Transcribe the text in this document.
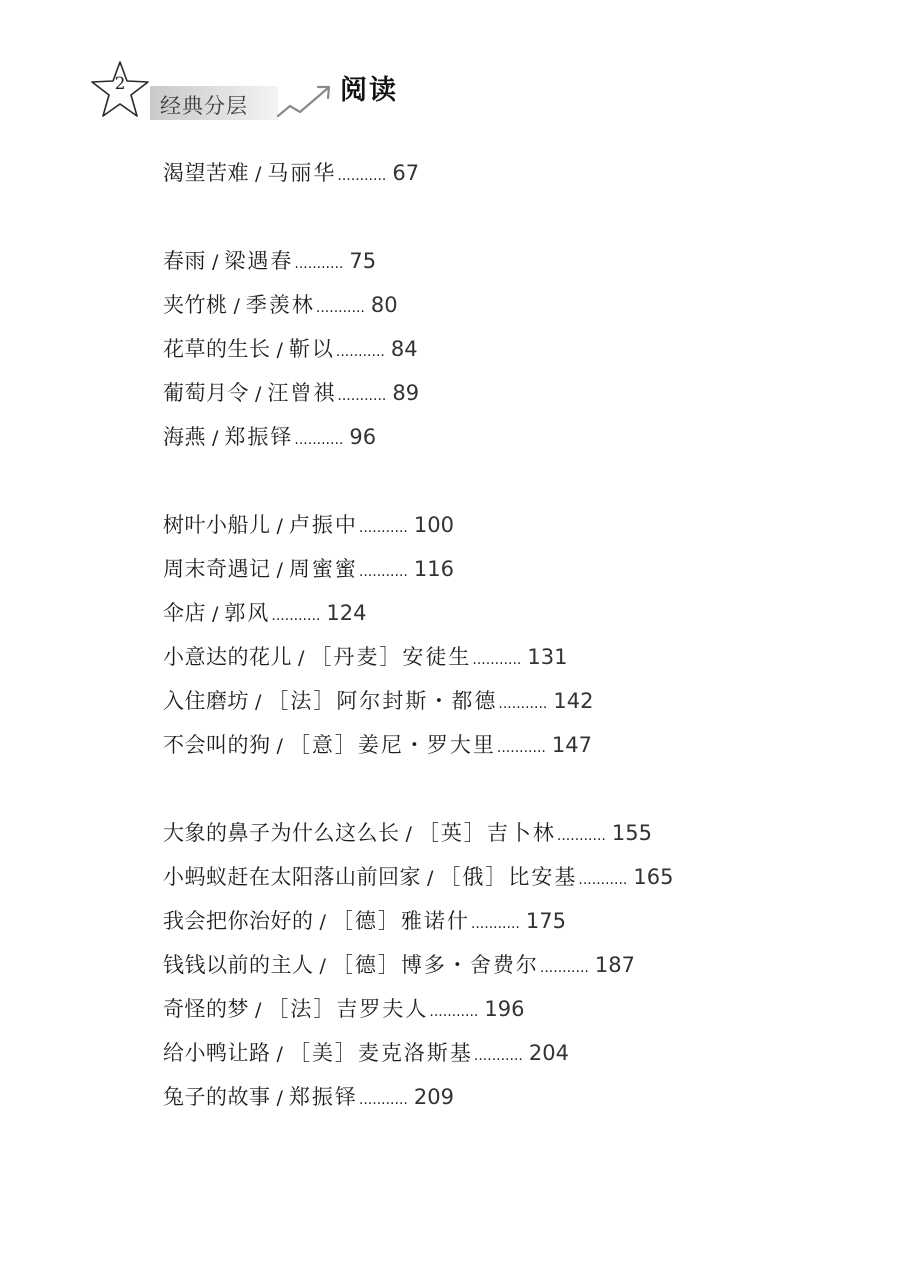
2
经典分层	阅读
渴望苦难 / 马丽华........... 67
春雨 / 梁遇春........... 75
夹竹桃 / 季羡林........... 80
花草的生长 / 靳以........... 84
葡萄月令 / 汪曾祺........... 89
海燕 / 郑振铎........... 96
树叶小船儿 / 卢振中........... 100
周末奇遇记 / 周蜜蜜........... 116
伞店 / 郭风........... 124
小意达的花儿 / ［丹麦］安徒生........... 131
入住磨坊 / ［法］阿尔封斯・都德........... 142
不会叫的狗 / ［意］姜尼・罗大里........... 147
大象的鼻子为什么这么长 / ［英］吉卜林........... 155
小蚂蚁赶在太阳落山前回家 / ［俄］比安基........... 165
我会把你治好的 / ［德］雅诺什........... 175
钱钱以前的主人 / ［德］博多・舍费尔........... 187
奇怪的梦 / ［法］吉罗夫人........... 196
给小鸭让路 / ［美］麦克洛斯基........... 204
兔子的故事 / 郑振铎........... 209
